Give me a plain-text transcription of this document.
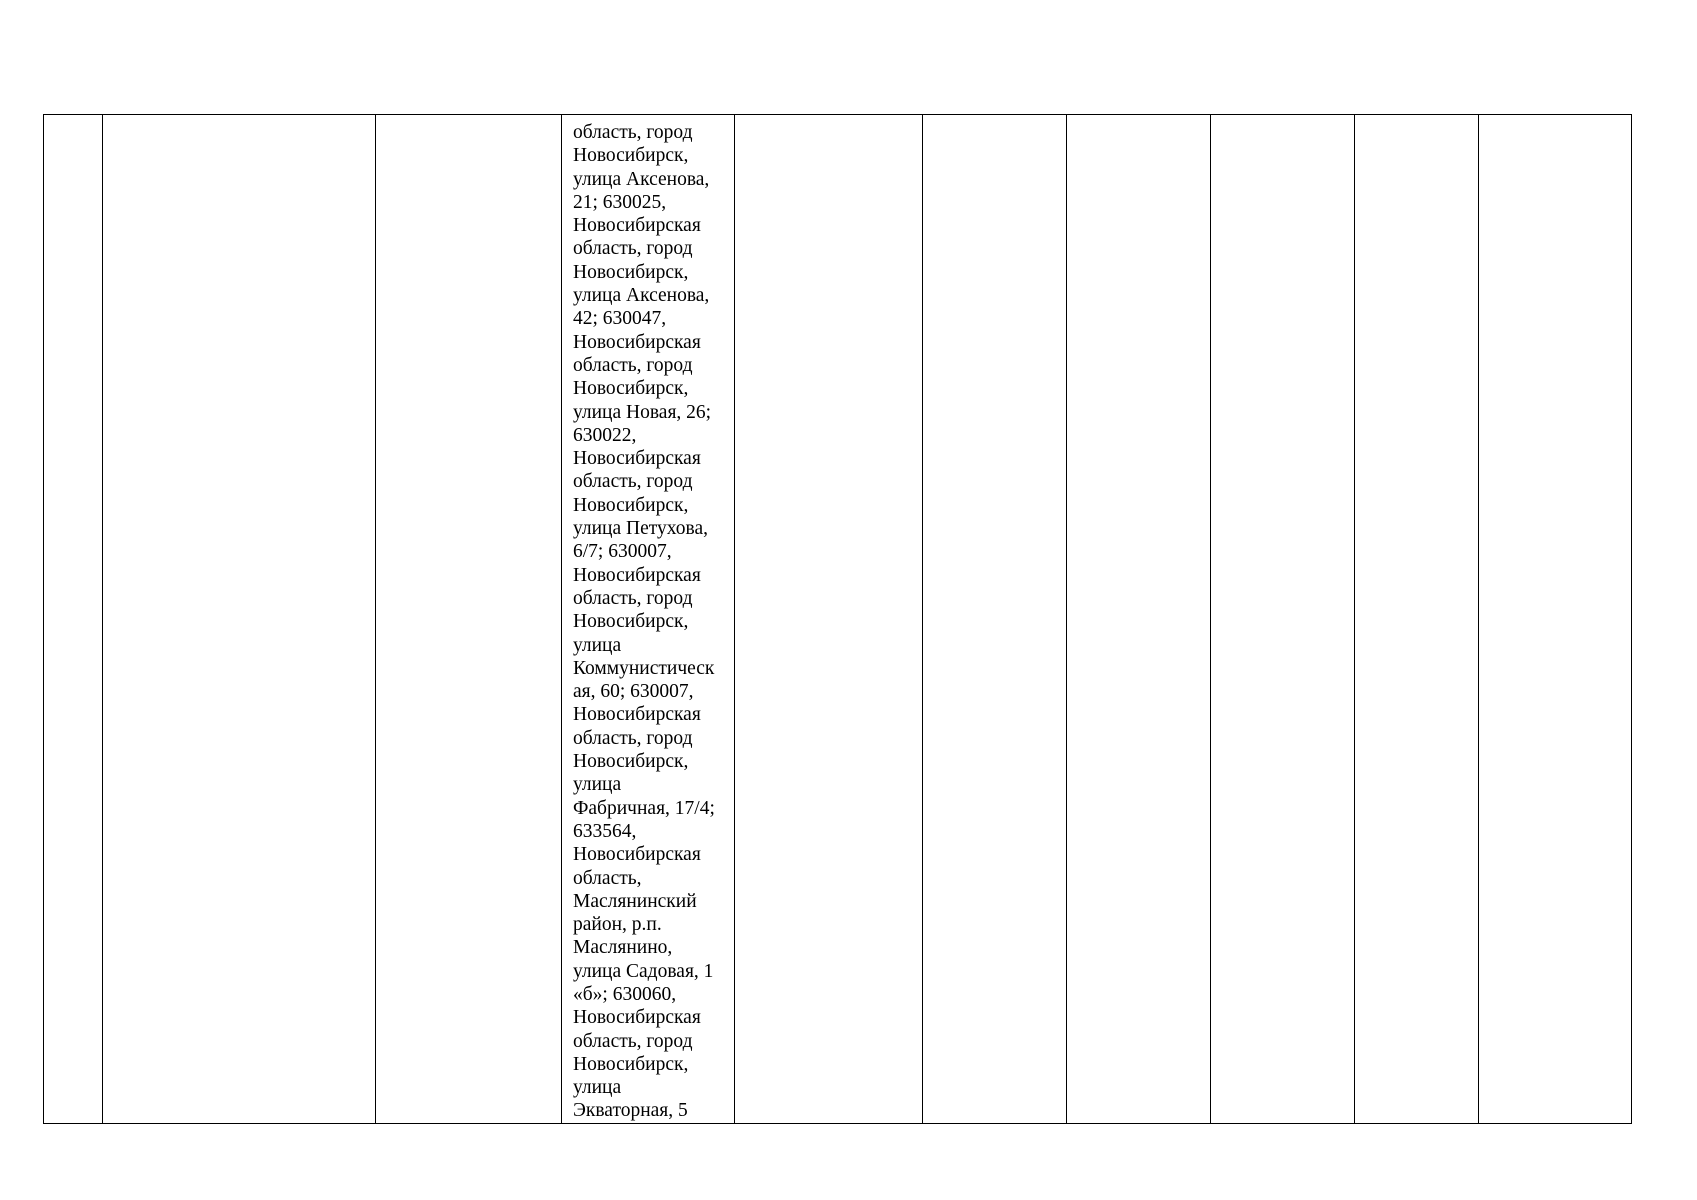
область, город
Новосибирск,
улица Аксенова,
21; 630025,
Новосибирская
область, город
Новосибирск,
улица Аксенова,
42; 630047,
Новосибирская
область, город
Новосибирск,
улица Новая, 26;
630022,
Новосибирская
область, город
Новосибирск,
улица Петухова,
6/7; 630007,
Новосибирская
область, город
Новосибирск,
улица
Коммунистическ
ая, 60; 630007,
Новосибирская
область, город
Новосибирск,
улица
Фабричная, 17/4;
633564,
Новосибирская
область,
Маслянинский
район, р.п.
Маслянино,
улица Садовая, 1
«б»; 630060,
Новосибирская
область, город
Новосибирск,
улица
Экваторная, 5
